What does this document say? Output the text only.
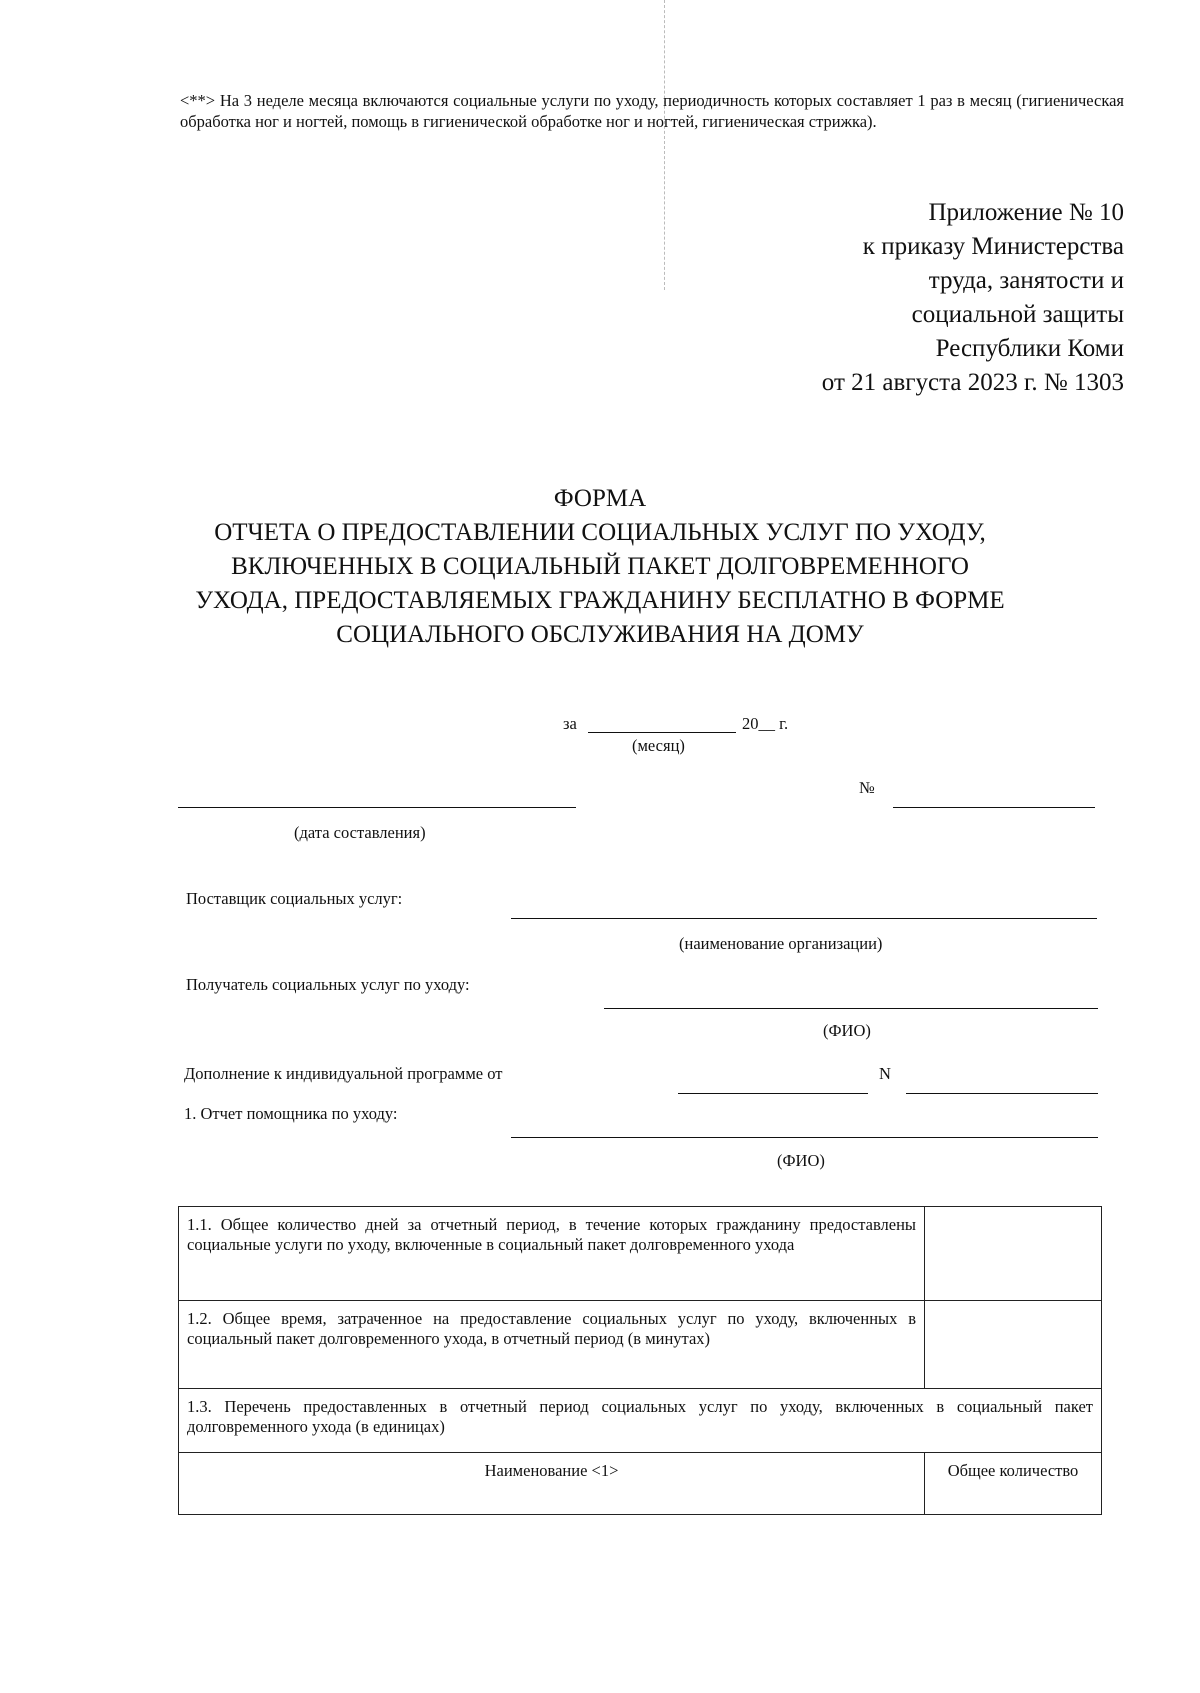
<**> На 3 неделе месяца включаются социальные услуги по уходу, периодичность которых составляет 1 раз в месяц (гигиеническая обработка ног и ногтей, помощь в гигиенической обработке ног и ногтей, гигиеническая стрижка).
Приложение № 10
к приказу Министерства
труда, занятости и
социальной защиты
Республики Коми
от 21 августа 2023 г. № 1303
ФОРМА
ОТЧЕТА О ПРЕДОСТАВЛЕНИИ СОЦИАЛЬНЫХ УСЛУГ ПО УХОДУ,
ВКЛЮЧЕННЫХ В СОЦИАЛЬНЫЙ ПАКЕТ ДОЛГОВРЕМЕННОГО
УХОДА, ПРЕДОСТАВЛЯЕМЫХ ГРАЖДАНИНУ БЕСПЛАТНО В ФОРМЕ
СОЦИАЛЬНОГО ОБСЛУЖИВАНИЯ НА ДОМУ
за	20__ г.
(месяц)
№
(дата составления)
Поставщик социальных услуг:
(наименование организации)
Получатель социальных услуг по уходу:
(ФИО)
Дополнение к индивидуальной программе от	N
1. Отчет помощника по уходу:
(ФИО)
1.1. Общее количество дней за отчетный период, в течение которых гражданину предоставлены социальные услуги по уходу, включенные в социальный пакет долговременного ухода	
1.2. Общее время, затраченное на предоставление социальных услуг по уходу, включенных в социальный пакет долговременного ухода, в отчетный период (в минутах)	
1.3. Перечень предоставленных в отчетный период социальных услуг по уходу, включенных в социальный пакет долговременного ухода (в единицах)	
Наименование <1>	Общее количество
